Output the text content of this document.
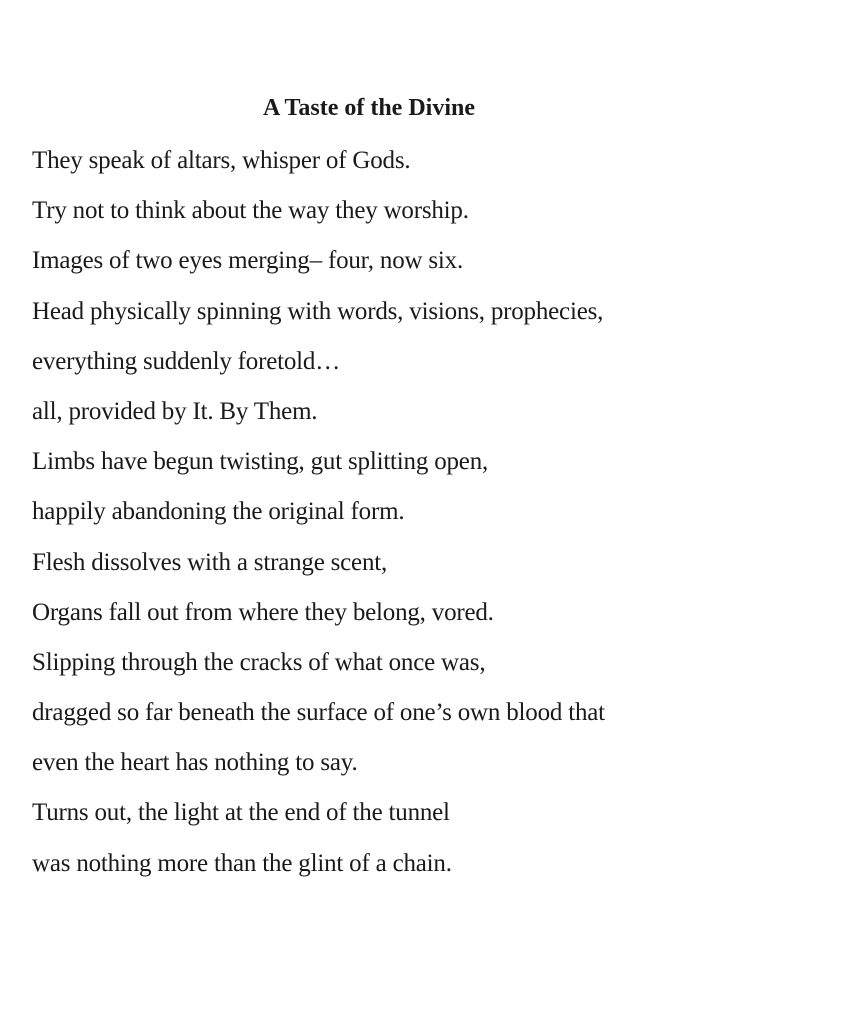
A Taste of the Divine
They speak of altars, whisper of Gods.
Try not to think about the way they worship.
Images of two eyes merging– four, now six.
Head physically spinning with words, visions, prophecies,
everything suddenly foretold…
all, provided by It. By Them.
Limbs have begun twisting, gut splitting open,
happily abandoning the original form.
Flesh dissolves with a strange scent,
Organs fall out from where they belong, vored.
Slipping through the cracks of what once was,
dragged so far beneath the surface of one’s own blood that
even the heart has nothing to say.
Turns out, the light at the end of the tunnel
was nothing more than the glint of a chain.
